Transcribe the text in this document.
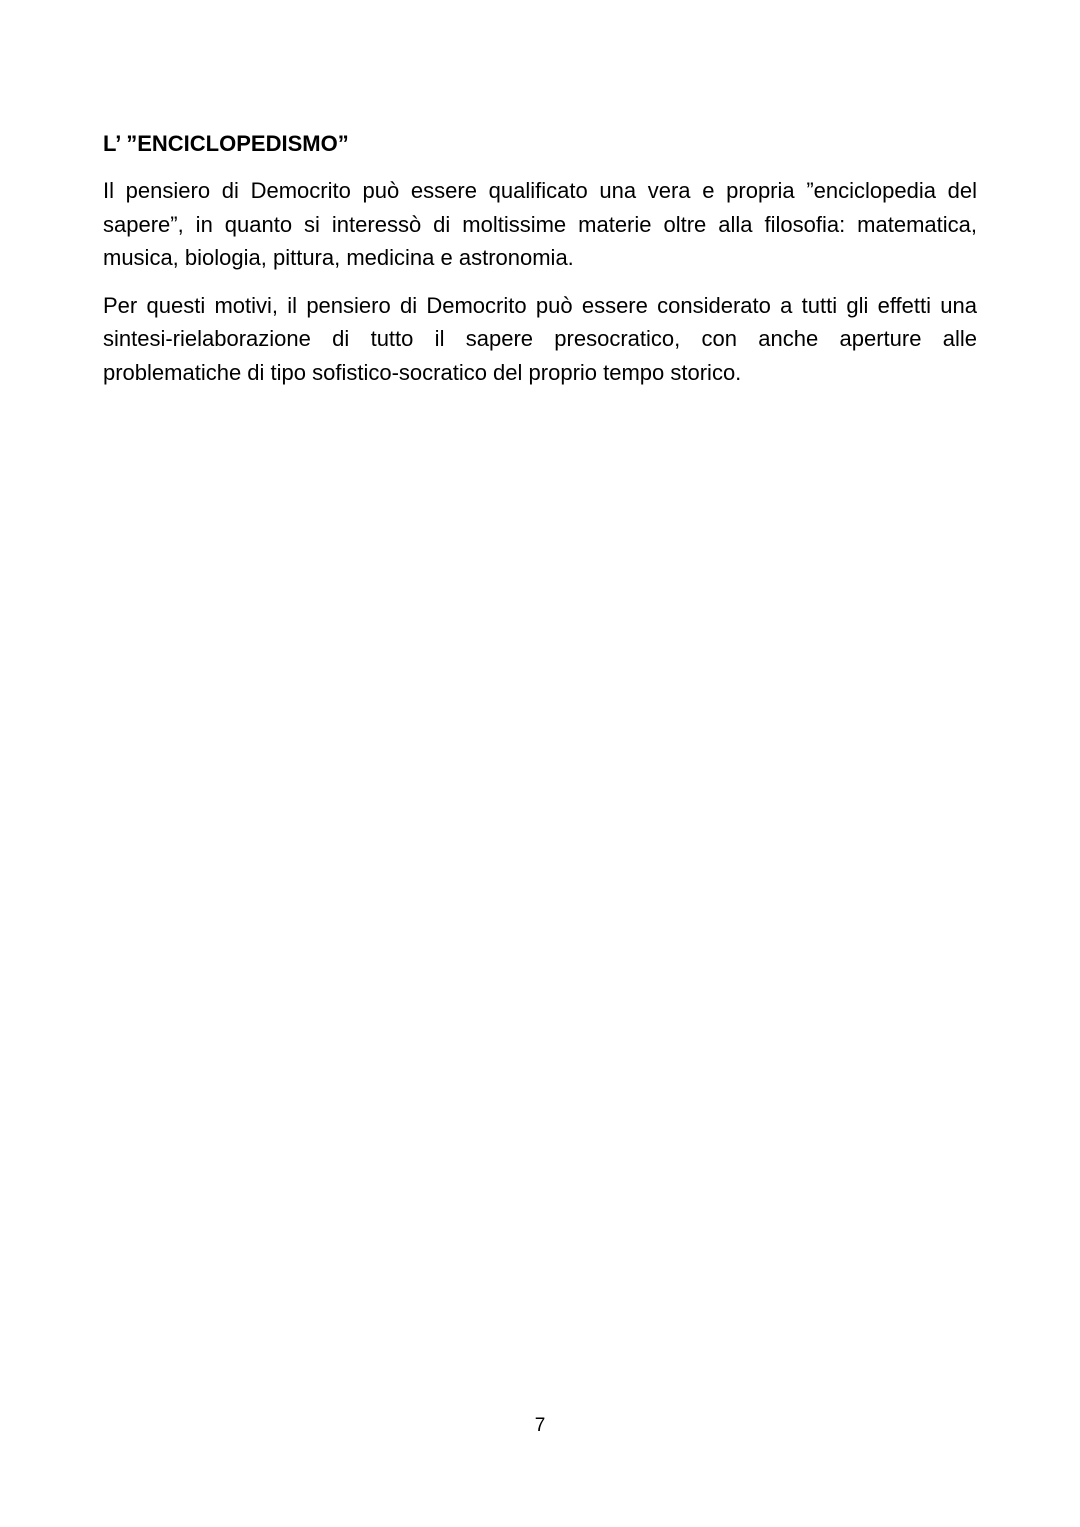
L’ ”ENCICLOPEDISMO”

Il pensiero di Democrito può essere qualificato una vera e propria ”enciclopedia del sapere”, in quanto si interessò di moltissime materie oltre alla filosofia: matematica, musica, biologia, pittura, medicina e astronomia.

Per questi motivi, il pensiero di Democrito può essere considerato a tutti gli effetti una sintesi-rielaborazione di tutto il sapere presocratico, con anche aperture alle problematiche di tipo sofistico-socratico del proprio tempo storico.

7
